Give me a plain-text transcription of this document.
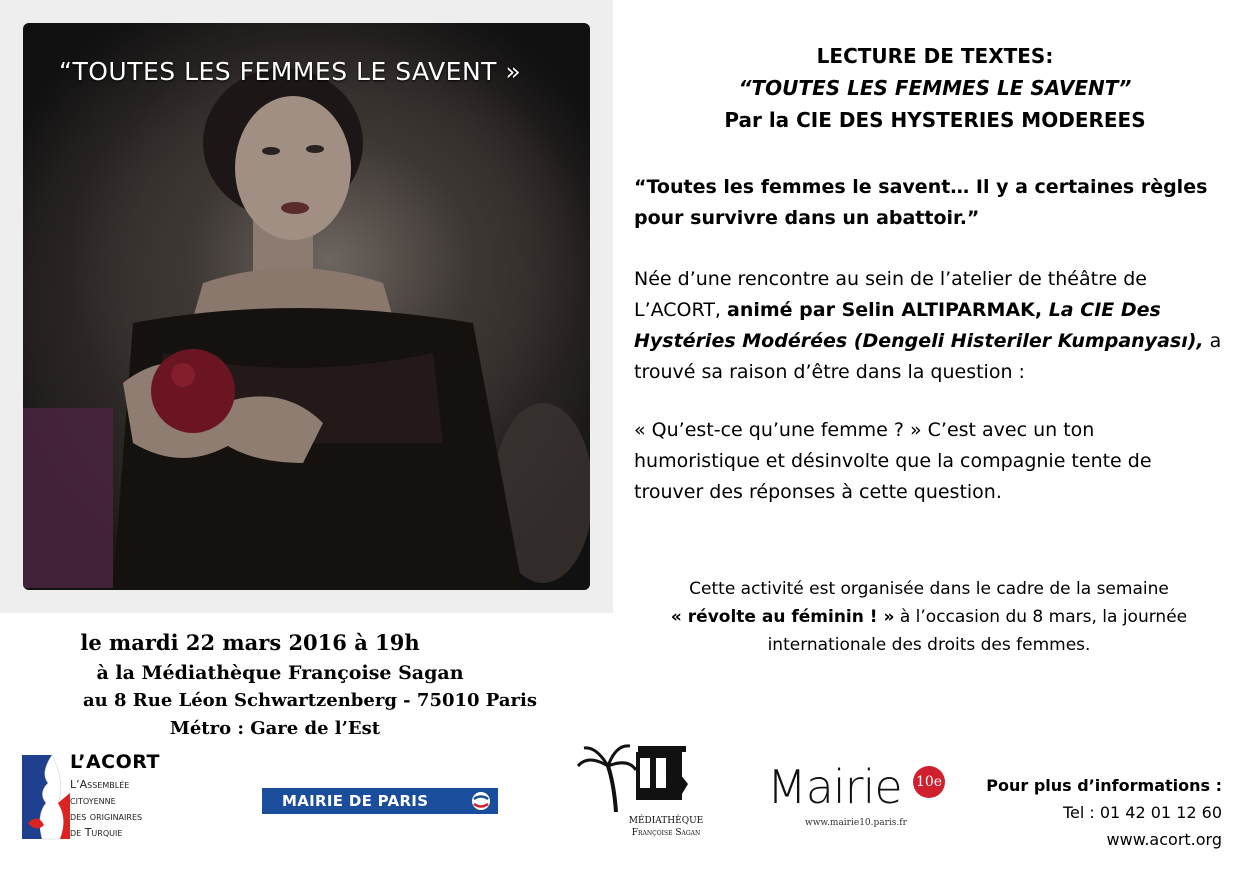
“TOUTES LES FEMMES LE SAVENT »
LECTURE DE TEXTES:
“TOUTES LES FEMMES LE SAVENT”
Par la CIE DES HYSTERIES MODEREES
“Toutes les femmes le savent… Il y a certaines règles pour survivre dans un abattoir.”
Née d’une rencontre au sein de l’atelier de théâtre de L’ACORT, animé par Selin ALTIPARMAK, La CIE Des Hystéries Modérées (Dengeli Histeriler Kumpanyası), a trouvé sa raison d’être dans la question :
« Qu’est-ce qu’une femme ? » C’est avec un ton humoristique et désinvolte que la compagnie tente de trouver des réponses à cette question.
Cette activité est organisée dans le cadre de la semaine
« révolte au féminin ! » à l’occasion du 8 mars, la journée
internationale des droits des femmes.
le mardi 22 mars 2016 à 19h
à la Médiathèque Françoise Sagan
au 8 Rue Léon Schwartzenberg - 75010 Paris
Métro : Gare de l’Est
L’ACORT
L’Assemblée
citoyenne
des originaires
de Turquie
MAIRIE DE PARIS
MÉDIATHÈQUE
Françoise Sagan
Mairie 10e
www.mairie10.paris.fr
Pour plus d’informations :
Tel : 01 42 01 12 60
www.acort.org
